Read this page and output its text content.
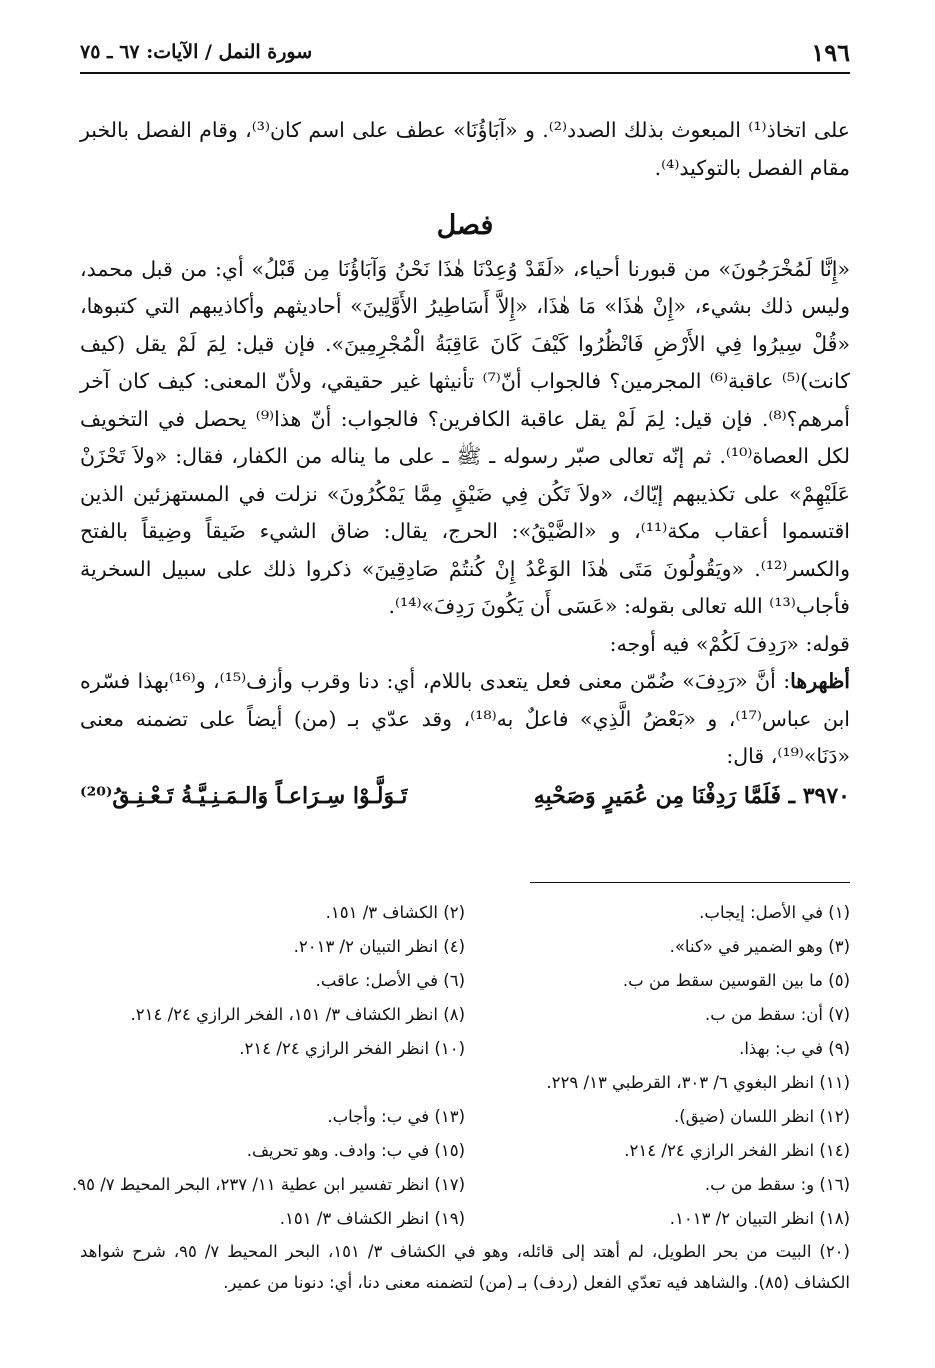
١٩٦
سورة النمل / الآيات: ٦٧ ـ ٧٥

على اتخاذ⁽¹⁾ المبعوث بذلك الصدد⁽²⁾. و «آبَاؤُنَا» عطف على اسم كان⁽³⁾، وقام الفصل بالخبر مقام الفصل بالتوكيد⁽⁴⁾.

فصل

«إِنَّا لَمُخْرَجُونَ» من قبورنا أحياء، «لَقَدْ وُعِدْنَا هٰذَا نَحْنُ وَآبَاؤُنَا مِن قَبْلُ» أي: من قبل محمد، وليس ذلك بشيء، «إِنْ هٰذَا» مَا هٰذَا، «إِلاَّ أَسَاطِيرُ الأَوَّلِينَ» أحاديثهم وأكاذيبهم التي كتبوها، «قُلْ سِيرُوا فِي الأَرْضِ فَانْظُرُوا كَيْفَ كَانَ عَاقِبَةُ الْمُجْرِمِينَ». فإن قيل: لِمَ لَمْ يقل (كيف كانت)⁽⁵⁾ عاقبة⁽⁶⁾ المجرمين؟ فالجواب أنّ⁽⁷⁾ تأنيثها غير حقيقي، ولأنّ المعنى: كيف كان آخر أمرهم؟⁽⁸⁾. فإن قيل: لِمَ لَمْ يقل عاقبة الكافرين؟ فالجواب: أنّ هذا⁽⁹⁾ يحصل في التخويف لكل العصاة⁽¹⁰⁾. ثم إنّه تعالى صبّر رسوله ـ ﷺ ـ على ما يناله من الكفار، فقال: «ولاَ تَحْزَنْ عَلَيْهِمْ» على تكذيبهم إيّاك، «ولاَ تَكُن فِي ضَيْقٍ مِمَّا يَمْكُرُونَ» نزلت في المستهزئين الذين اقتسموا أعقاب مكة⁽¹¹⁾، و «الضَّيْقُ»: الحرج، يقال: ضاق الشيء ضَيقاً وضِيقاً بالفتح والكسر⁽¹²⁾. «ويَقُولُونَ مَتَى هٰذَا الوَعْدُ إِنْ كُنتُمْ صَادِقِينَ» ذكروا ذلك على سبيل السخرية فأجاب⁽¹³⁾ الله تعالى بقوله: «عَسَى أَن يَكُونَ رَدِفَ»⁽¹⁴⁾.

قوله: «رَدِفَ لَكُمْ» فيه أوجه:

أظهرها: أنَّ «رَدِفَ» ضُمّن معنى فعل يتعدى باللام، أي: دنا وقرب وأزف⁽¹⁵⁾، و⁽¹⁶⁾بهذا فسّره ابن عباس⁽¹⁷⁾، و «بَعْضُ الَّذِي» فاعلٌ به⁽¹⁸⁾، وقد عدّي بـ (من) أيضاً على تضمنه معنى «دَنَا»⁽¹⁹⁾، قال:

٣٩٧٠ ـ فَلَمَّا رَدِفْنَا مِن عُمَيرٍ وَصَحْبِهِ
تَـوَلَّـوْا سِـرَاعـاً وَالـمَـنِـيَّـةُ تَـعْـنِـقُ⁽²⁰⁾
(١) في الأصل: إيجاب.
(٢) الكشاف ٣/ ١٥١.
(٣) وهو الضمير في «كنا».
(٤) انظر التبيان ٢/ ٢٠١٣.
(٥) ما بين القوسين سقط من ب.
(٦) في الأصل: عاقب.
(٧) أن: سقط من ب.
(٨) انظر الكشاف ٣/ ١٥١، الفخر الرازي ٢٤/ ٢١٤.
(٩) في ب: بهذا.
(١٠) انظر الفخر الرازي ٢٤/ ٢١٤.
(١١) انظر البغوي ٦/ ٣٠٣، القرطبي ١٣/ ٢٢٩.
(١٢) انظر اللسان (ضيق).
(١٣) في ب: وأجاب.
(١٤) انظر الفخر الرازي ٢٤/ ٢١٤.
(١٥) في ب: وادف. وهو تحريف.
(١٦) و: سقط من ب.
(١٧) انظر تفسير ابن عطية ١١/ ٢٣٧، البحر المحيط ٧/ ٩٥.
(١٨) انظر التبيان ٢/ ١٠١٣.
(١٩) انظر الكشاف ٣/ ١٥١.
(٢٠) البيت من بحر الطويل، لم أهتد إلى قائله، وهو في الكشاف ٣/ ١٥١، البحر المحيط ٧/ ٩٥، شرح شواهد الكشاف (٨٥). والشاهد فيه تعدّي الفعل (ردف) بـ (من) لتضمنه معنى دنا، أي: دنونا من عمير.
